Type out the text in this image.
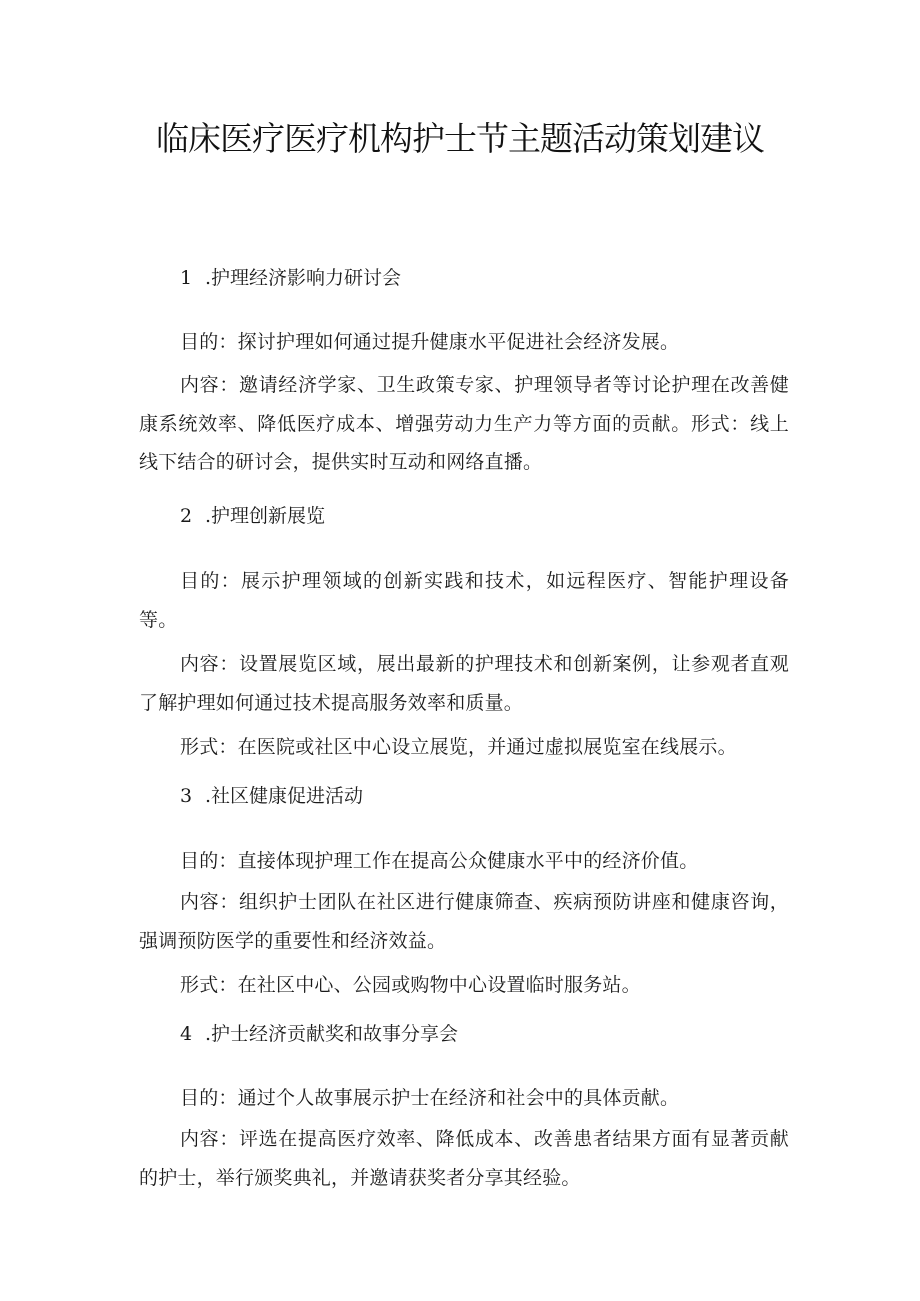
临床医疗医疗机构护士节主题活动策划建议
1 .护理经济影响力研讨会

目的：探讨护理如何通过提升健康水平促进社会经济发展。

内容：邀请经济学家、卫生政策专家、护理领导者等讨论护理在改善健康系统效率、降低医疗成本、增强劳动力生产力等方面的贡献。形式：线上线下结合的研讨会，提供实时互动和网络直播。

2 .护理创新展览

目的：展示护理领域的创新实践和技术，如远程医疗、智能护理设备等。

内容：设置展览区域，展出最新的护理技术和创新案例，让参观者直观了解护理如何通过技术提高服务效率和质量。

形式：在医院或社区中心设立展览，并通过虚拟展览室在线展示。

3 .社区健康促进活动

目的：直接体现护理工作在提高公众健康水平中的经济价值。

内容：组织护士团队在社区进行健康筛查、疾病预防讲座和健康咨询，强调预防医学的重要性和经济效益。

形式：在社区中心、公园或购物中心设置临时服务站。

4 .护士经济贡献奖和故事分享会

目的：通过个人故事展示护士在经济和社会中的具体贡献。

内容：评选在提高医疗效率、降低成本、改善患者结果方面有显著贡献的护士，举行颁奖典礼，并邀请获奖者分享其经验。
